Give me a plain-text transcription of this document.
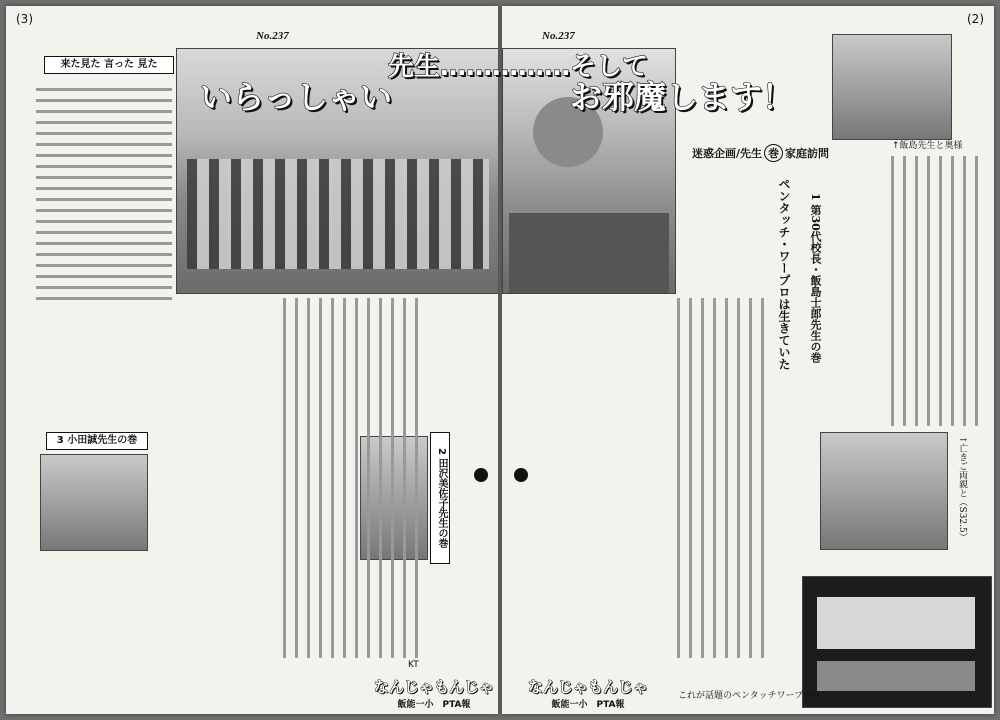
(3)
No.237
来た見た 言った 見た
3 小田誠先生の巻
2 田沢美佐子先生の巻
なんじゃもんじゃ
飯能一小　PTA報
KT
(2)
No.237
↑飯島先生と奥様
迷惑企画/先生 巻 家庭訪問
1 第30代校長・飯島士郎先生の巻
ペンタッチ・ワープロは生きていた
↑亡きご両親と（S32.5）
これが話題のペンタッチワープロ→
なんじゃもんじゃ
飯能一小　PTA報
先生……………そして
いらっしゃい	お邪魔します！
